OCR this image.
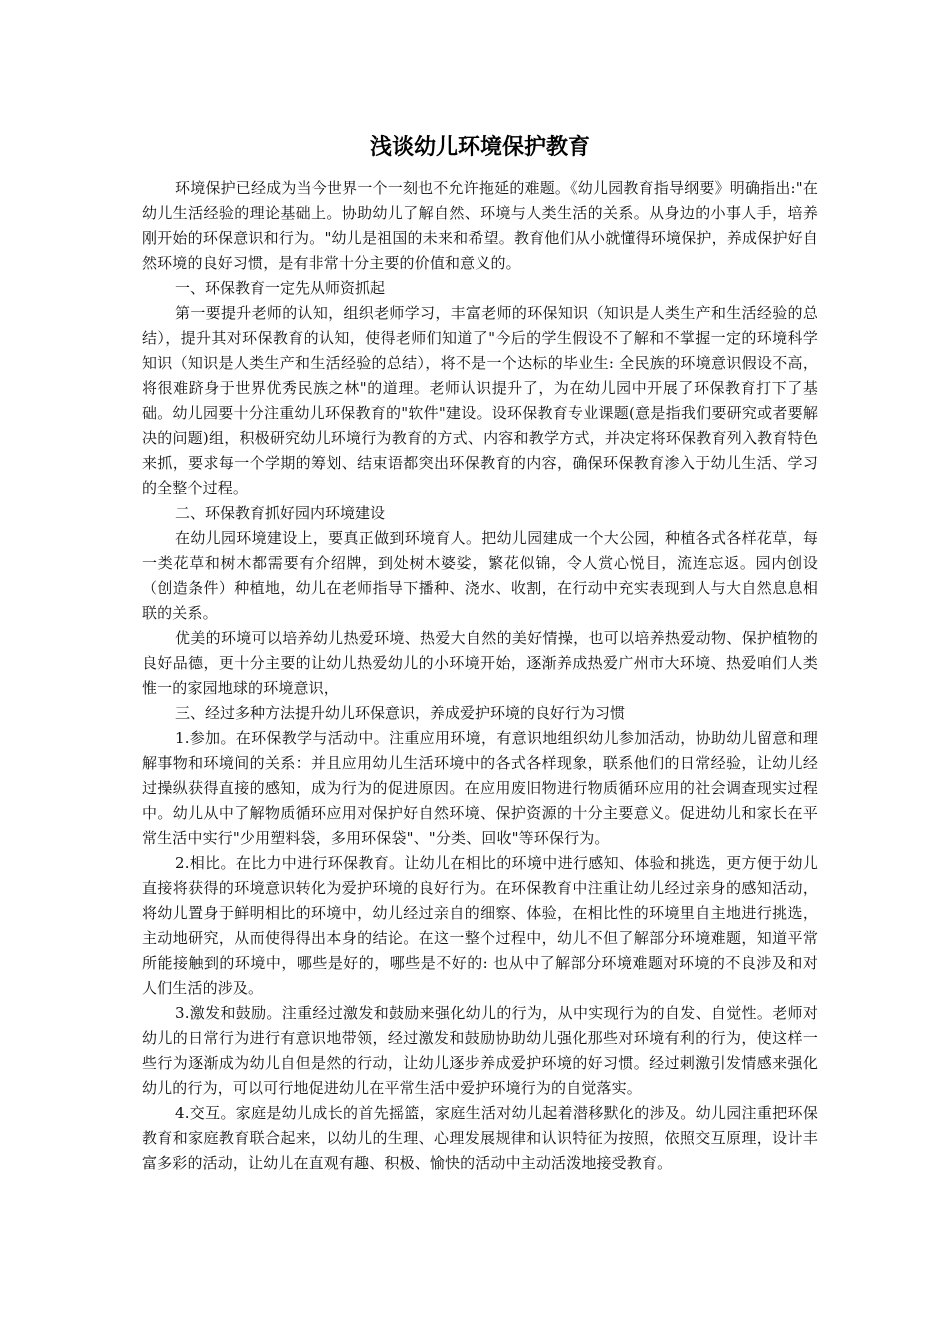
浅谈幼儿环境保护教育

环境保护已经成为当今世界一个一刻也不允许拖延的难题。《幼儿园教育指导纲要》明确指出:"在幼儿生活经验的理论基础上。协助幼儿了解自然、环境与人类生活的关系。从身边的小事人手，培养刚开始的环保意识和行为。"幼儿是祖国的未来和希望。教育他们从小就懂得环境保护，养成保护好自然环境的良好习惯，是有非常十分主要的价值和意义的。

一、环保教育一定先从师资抓起

第一要提升老师的认知，组织老师学习，丰富老师的环保知识（知识是人类生产和生活经验的总结），提升其对环保教育的认知，使得老师们知道了"今后的学生假设不了解和不掌握一定的环境科学知识（知识是人类生产和生活经验的总结），将不是一个达标的毕业生: 全民族的环境意识假设不高，将很难跻身于世界优秀民族之林"的道理。老师认识提升了，为在幼儿园中开展了环保教育打下了基础。幼儿园要十分注重幼儿环保教育的"软件"建设。设环保教育专业课题(意是指我们要研究或者要解决的问题)组，积极研究幼儿环境行为教育的方式、内容和教学方式，并决定将环保教育列入教育特色来抓，要求每一个学期的筹划、结束语都突出环保教育的内容，确保环保教育渗入于幼儿生活、学习的全整个过程。

二、环保教育抓好园内环境建设

在幼儿园环境建设上，要真正做到环境育人。把幼儿园建成一个大公园，种植各式各样花草，每一类花草和树木都需要有介绍牌，到处树木婆娑，繁花似锦，令人赏心悦目，流连忘返。园内创设（创造条件）种植地，幼儿在老师指导下播种、浇水、收割，在行动中充实表现到人与大自然息息相联的关系。

优美的环境可以培养幼儿热爱环境、热爱大自然的美好情操，也可以培养热爱动物、保护植物的良好品德，更十分主要的让幼儿热爱幼儿的小环境开始，逐渐养成热爱广州市大环境、热爱咱们人类惟一的家园地球的环境意识，

三、经过多种方法提升幼儿环保意识，养成爱护环境的良好行为习惯

1.参加。在环保教学与活动中。注重应用环境，有意识地组织幼儿参加活动，协助幼儿留意和理解事物和环境间的关系：并且应用幼儿生活环境中的各式各样现象，联系他们的日常经验，让幼儿经过操纵获得直接的感知，成为行为的促进原因。在应用废旧物进行物质循环应用的社会调查现实过程中。幼儿从中了解物质循环应用对保护好自然环境、保护资源的十分主要意义。促进幼儿和家长在平常生活中实行"少用塑料袋，多用环保袋"、"分类、回收"等环保行为。

2.相比。在比力中进行环保教育。让幼儿在相比的环境中进行感知、体验和挑选，更方便于幼儿直接将获得的环境意识转化为爱护环境的良好行为。在环保教育中注重让幼儿经过亲身的感知活动，将幼儿置身于鲜明相比的环境中，幼儿经过亲自的细察、体验，在相比性的环境里自主地进行挑选，主动地研究，从而使得得出本身的结论。在这一整个过程中，幼儿不但了解部分环境难题，知道平常所能接触到的环境中，哪些是好的，哪些是不好的: 也从中了解部分环境难题对环境的不良涉及和对人们生活的涉及。

3.激发和鼓励。注重经过激发和鼓励来强化幼儿的行为，从中实现行为的自发、自觉性。老师对幼儿的日常行为进行有意识地带领，经过激发和鼓励协助幼儿强化那些对环境有利的行为，使这样一些行为逐渐成为幼儿自但是然的行动，让幼儿逐步养成爱护环境的好习惯。经过刺激引发情感来强化幼儿的行为，可以可行地促进幼儿在平常生活中爱护环境行为的自觉落实。

4.交互。家庭是幼儿成长的首先摇篮，家庭生活对幼儿起着潜移默化的涉及。幼儿园注重把环保教育和家庭教育联合起来，以幼儿的生理、心理发展规律和认识特征为按照，依照交互原理，设计丰富多彩的活动，让幼儿在直观有趣、积极、愉快的活动中主动活泼地接受教育。
